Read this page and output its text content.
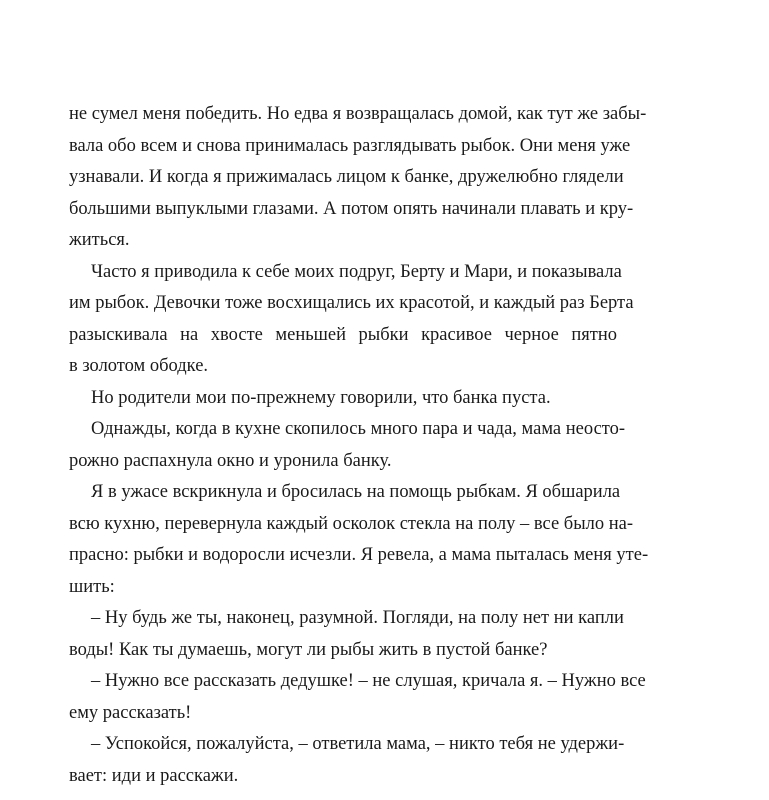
не сумел меня победить. Но едва я возвращалась домой, как тут же забы-
вала обо всем и снова принималась разглядывать рыбок. Они меня уже
узнавали. И когда я прижималась лицом к банке, дружелюбно глядели
большими выпуклыми глазами. А потом опять начинали плавать и кру-
житься.
Часто я приводила к себе моих подруг, Берту и Мари, и показывала
им рыбок. Девочки тоже восхищались их красотой, и каждый раз Берта
разыскивала на хвосте меньшей рыбки красивое черное пятно
в золотом ободке.
Но родители мои по-прежнему говорили, что банка пуста.
Однажды, когда в кухне скопилось много пара и чада, мама неосто-
рожно распахнула окно и уронила банку.
Я в ужасе вскрикнула и бросилась на помощь рыбкам. Я обшарила
всю кухню, перевернула каждый осколок стекла на полу – все было на-
прасно: рыбки и водоросли исчезли. Я ревела, а мама пыталась меня уте-
шить:
– Ну будь же ты, наконец, разумной. Погляди, на полу нет ни капли
воды! Как ты думаешь, могут ли рыбы жить в пустой банке?
– Нужно все рассказать дедушке! – не слушая, кричала я. – Нужно все
ему рассказать!
– Успокойся, пожалуйста, – ответила мама, – никто тебя не удержи-
вает: иди и расскажи.
